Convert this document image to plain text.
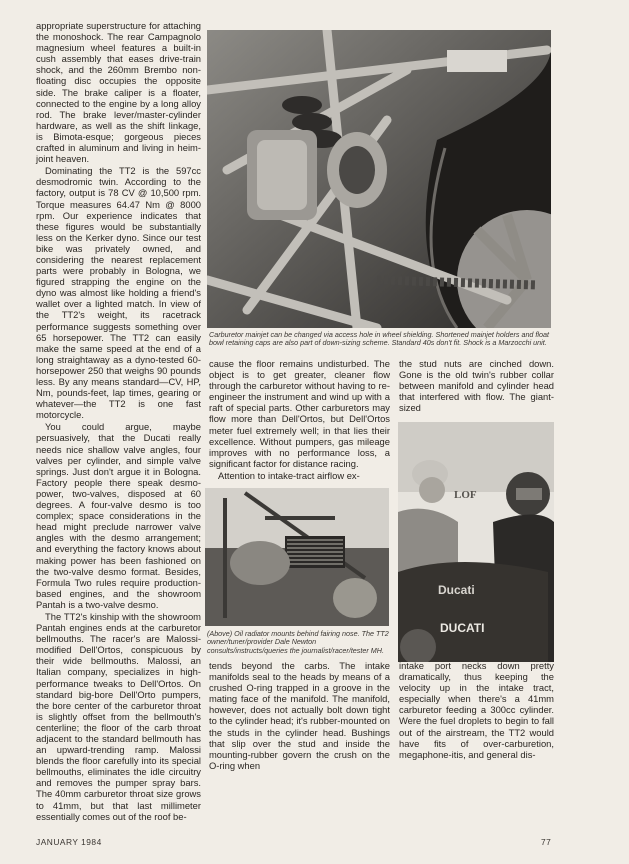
appropriate superstructure for attaching the monoshock. The rear Campagnolo magnesium wheel features a built-in cush assembly that eases drive-train shock, and the 260mm Brembo non-floating disc occupies the opposite side. The brake caliper is a floater, connected to the engine by a long alloy rod. The brake lever/master-cylinder hardware, as well as the shift linkage, is Bimota-esque; gorgeous pieces crafted in aluminum and living in heim-joint heaven.

Dominating the TT2 is the 597cc desmodromic twin. According to the factory, output is 78 CV @ 10,500 rpm. Torque measures 64.47 Nm @ 8000 rpm. Our experience indicates that these figures would be substantially less on the Kerker dyno. Since our test bike was privately owned, and considering the nearest replacement parts were probably in Bologna, we figured strapping the engine on the dyno was almost like holding a friend's wallet over a lighted match. In view of the TT2's weight, its racetrack performance suggests something over 65 horsepower. The TT2 can easily make the same speed at the end of a long straightaway as a dyno-tested 60-horsepower 250 that weighs 90 pounds less. By any means standard—CV, HP, Nm, pounds-feet, lap times, gearing or whatever—the TT2 is one fast motorcycle.

You could argue, maybe persuasively, that the Ducati really needs nice shallow valve angles, four valves per cylinder, and simple valve springs. Just don't argue it in Bologna. Factory people there speak desmo-power, two-valves, disposed at 60 degrees. A four-valve desmo is too complex; space considerations in the head might preclude narrower valve angles with the desmo arrangement; and everything the factory knows about making power has been fashioned on the two-valve desmo format. Besides, Formula Two rules require production-based engines, and the showroom Pantah is a two-valve desmo.

The TT2's kinship with the showroom Pantah engines ends at the carburetor bellmouths. The racer's are Malossi-modified Dell'Ortos, conspicuous by their wide bellmouths. Malossi, an Italian company, specializes in high-performance tweaks to Dell'Ortos. On standard big-bore Dell'Orto pumpers, the bore center of the carburetor throat is slightly offset from the bellmouth's centerline; the floor of the carb throat adjacent to the standard bellmouth has an upward-trending ramp. Malossi blends the floor carefully into its special bellmouths, eliminates the idle circuitry and removes the pumper spray bars. The 40mm carburetor throat size grows to 41mm, but that last millimeter essentially comes out of the roof be-

Carburetor mainjet can be changed via access hole in wheel shielding. Shortened mainjet holders and float bowl retaining caps are also part of down-sizing scheme. Standard 40s don't fit. Shock is a Marzocchi unit.

cause the floor remains undisturbed. The object is to get greater, cleaner flow through the carburetor without having to re-engineer the instrument and wind up with a raft of special parts. Other carburetors may flow more than Dell'Ortos, but Dell'Ortos meter fuel extremely well; in that lies their excellence. Without pumpers, gas mileage improves with no performance loss, a significant factor for distance racing.

Attention to intake-tract airflow ex-

(Above) Oil radiator mounts behind fairing nose. The TT2 owner/tuner/provider Dale Newton consults/instructs/queries the journalist/racer/tester MH.

tends beyond the carbs. The intake manifolds seal to the heads by means of a crushed O-ring trapped in a groove in the mating face of the manifold. The manifold, however, does not actually bolt down tight to the cylinder head; it's rubber-mounted on the studs in the cylinder head. Bushings that slip over the stud and inside the mounting-rubber govern the crush on the O-ring when

the stud nuts are cinched down. Gone is the old twin's rubber collar between manifold and cylinder head that interfered with flow. The giant-sized

LOF
Ducati
DUCATI

intake port necks down pretty dramatically, thus keeping the velocity up in the intake tract, especially when there's a 41mm carburetor feeding a 300cc cylinder. Were the fuel droplets to begin to fall out of the airstream, the TT2 would have fits of over-carburetion, megaphone-itis, and general dis-

JANUARY 1984	77
